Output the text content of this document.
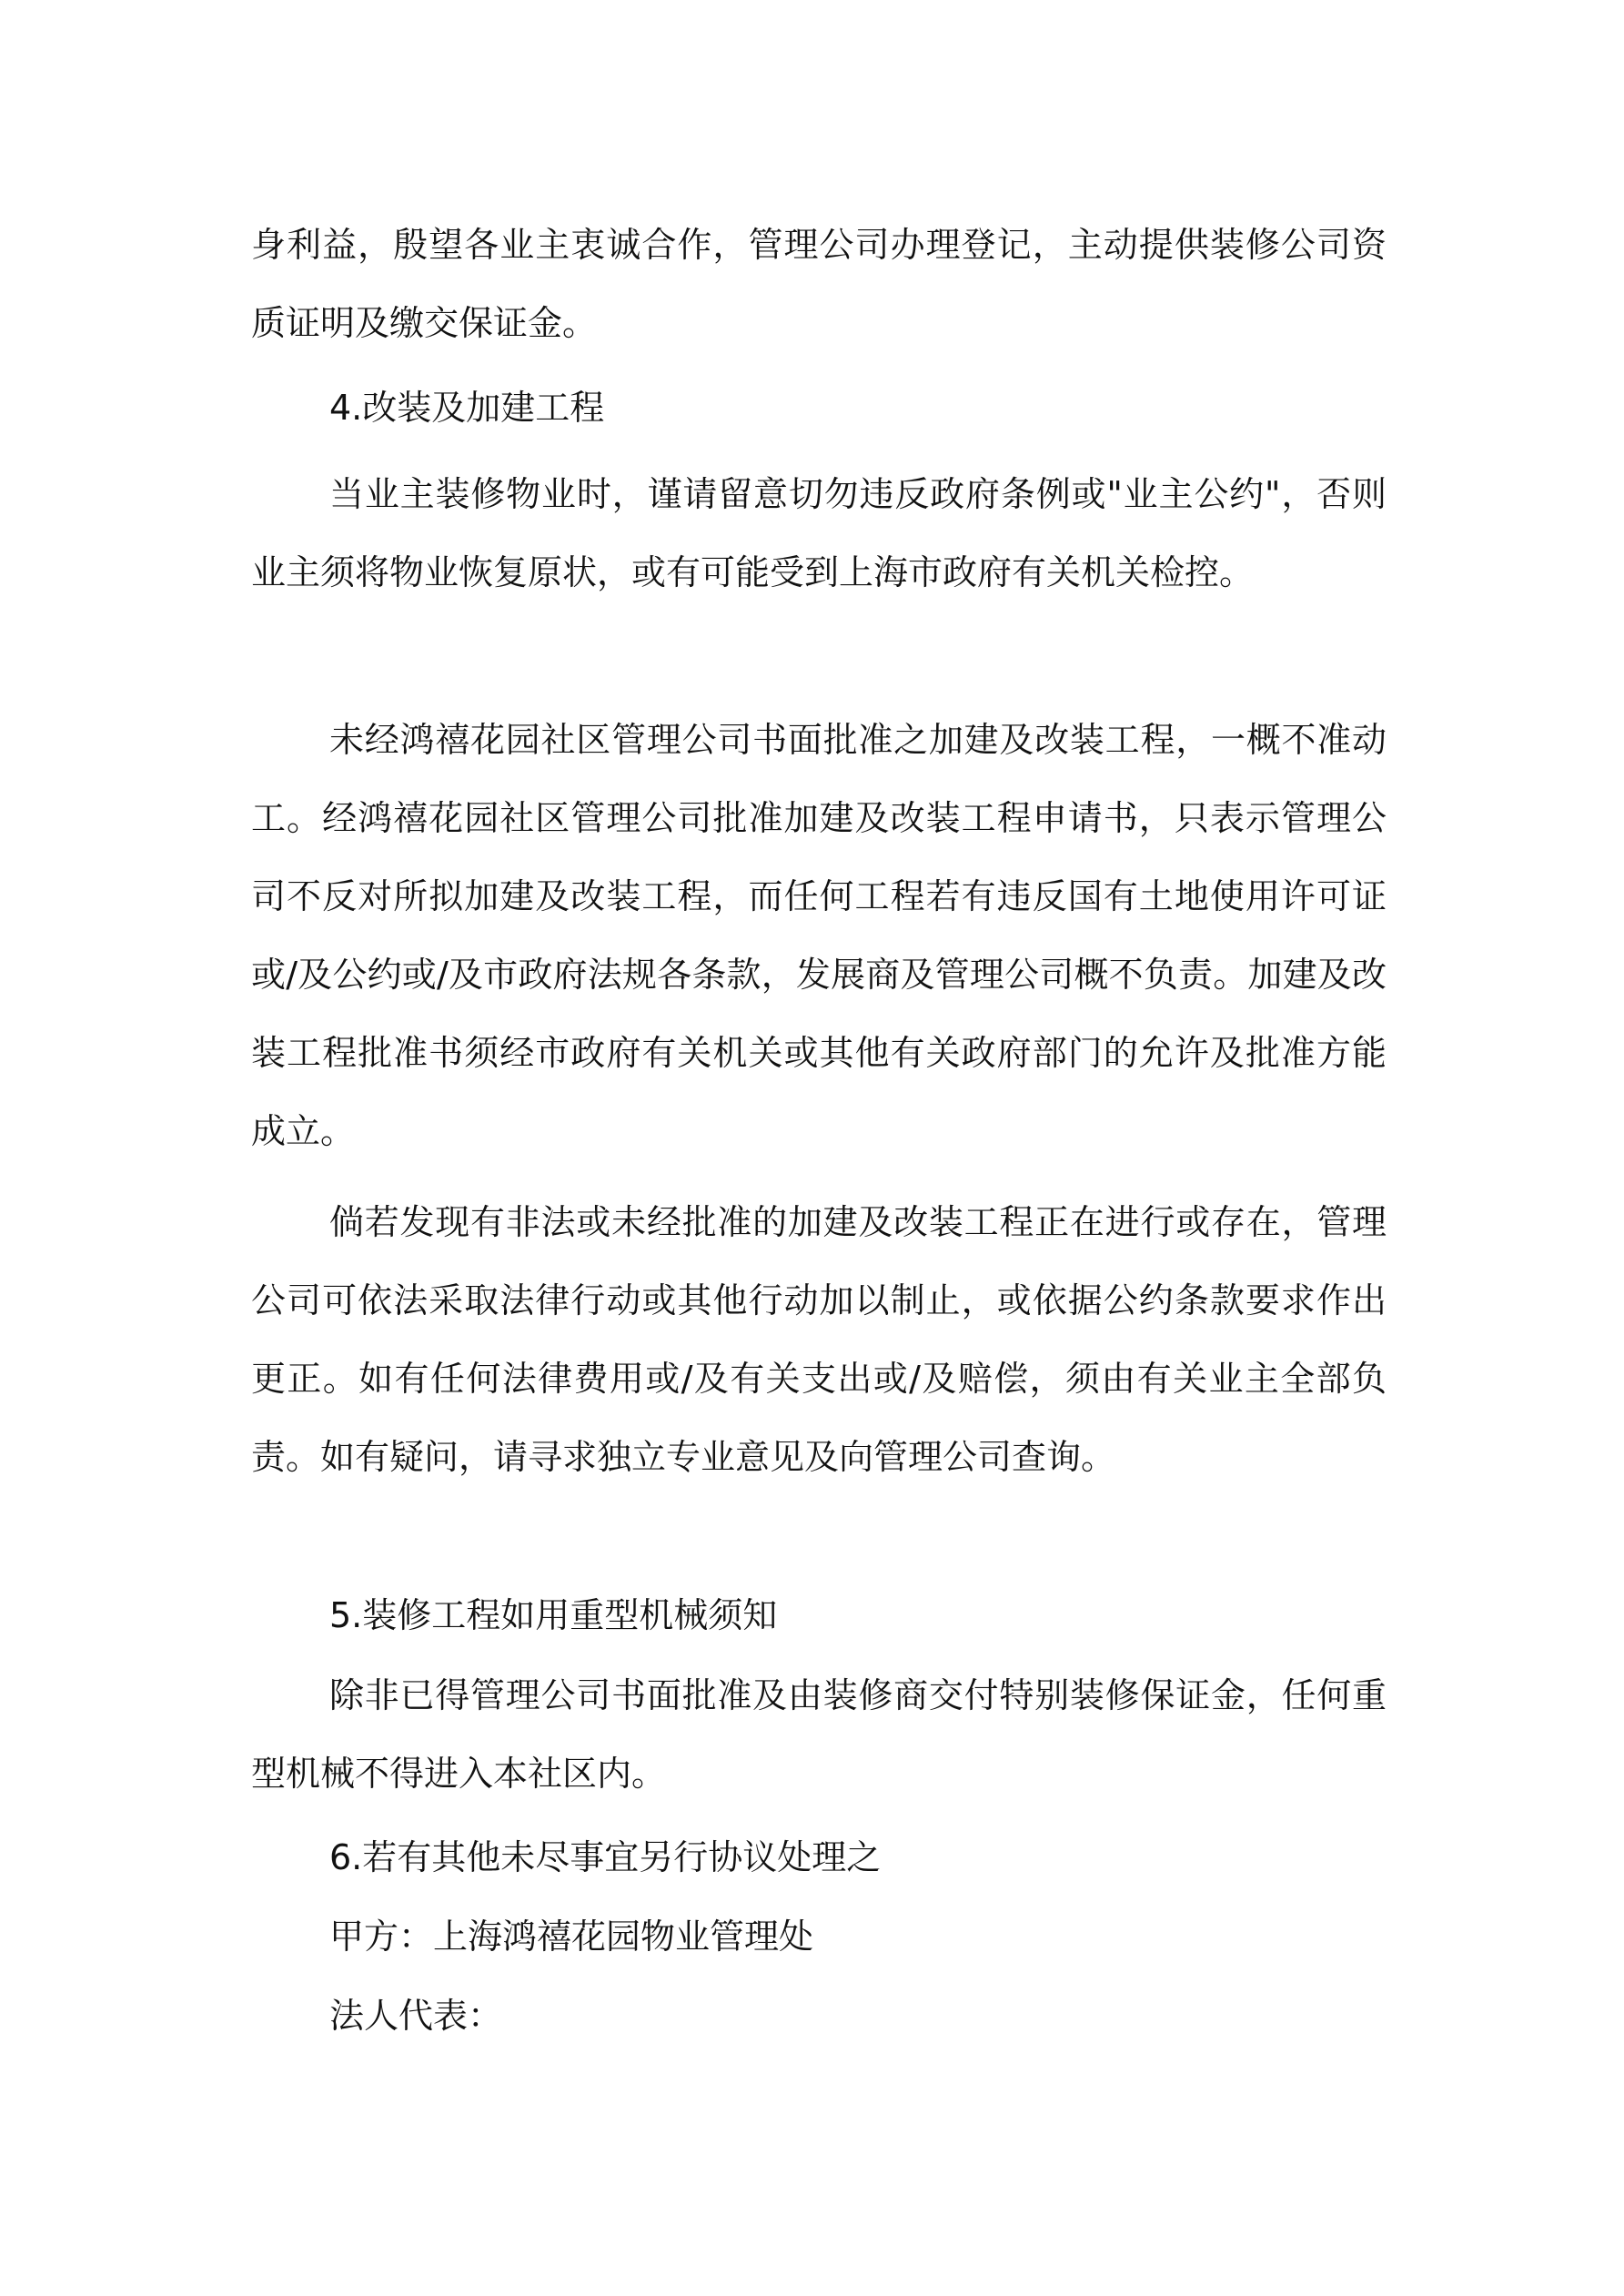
身利益，殷望各业主衷诚合作，管理公司办理登记，主动提供装修公司资质证明及缴交保证金。

4.改装及加建工程

当业主装修物业时，谨请留意切勿违反政府条例或"业主公约"，否则业主须将物业恢复原状，或有可能受到上海市政府有关机关检控。

未经鸿禧花园社区管理公司书面批准之加建及改装工程，一概不准动工。经鸿禧花园社区管理公司批准加建及改装工程申请书，只表示管理公司不反对所拟加建及改装工程，而任何工程若有违反国有土地使用许可证或/及公约或/及市政府法规各条款，发展商及管理公司概不负责。加建及改装工程批准书须经市政府有关机关或其他有关政府部门的允许及批准方能成立。

倘若发现有非法或未经批准的加建及改装工程正在进行或存在，管理公司可依法采取法律行动或其他行动加以制止，或依据公约条款要求作出更正。如有任何法律费用或/及有关支出或/及赔偿，须由有关业主全部负责。如有疑问，请寻求独立专业意见及向管理公司查询。

5.装修工程如用重型机械须知

除非已得管理公司书面批准及由装修商交付特别装修保证金，任何重型机械不得进入本社区内。

6.若有其他未尽事宜另行协议处理之

甲方：上海鸿禧花园物业管理处

法人代表：
